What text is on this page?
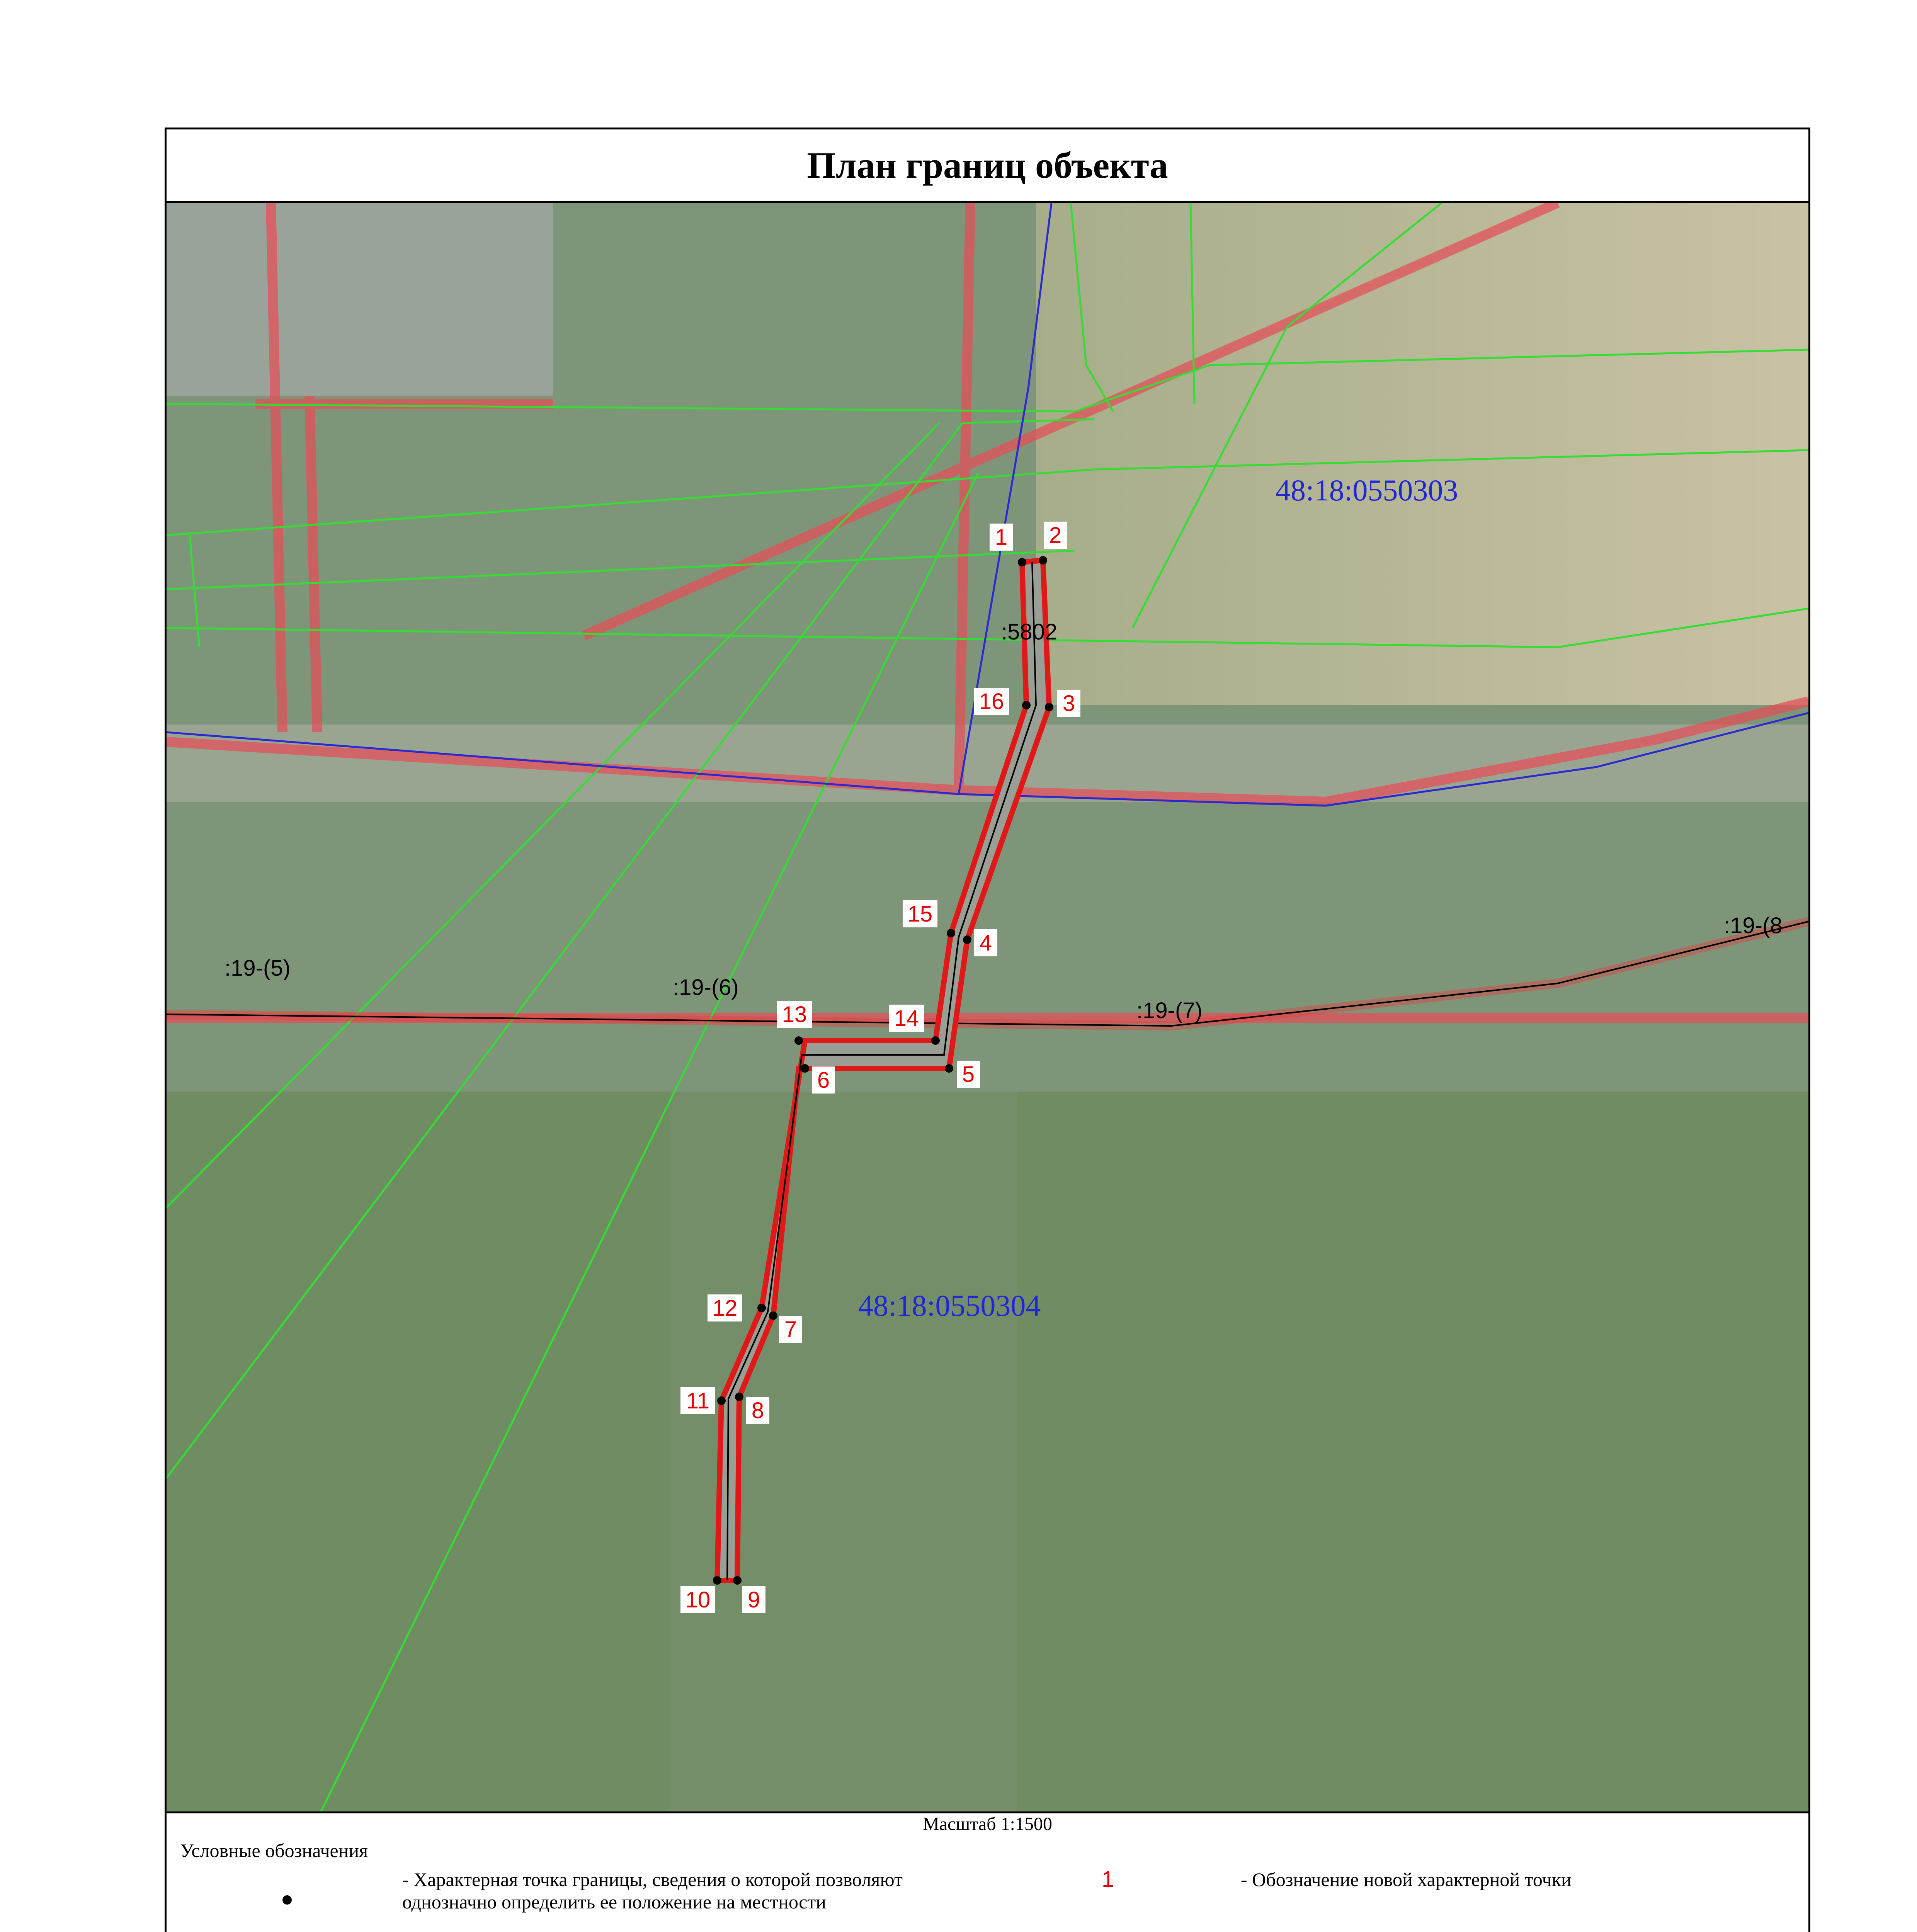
План границ объекта
1 2
3
4
5
6
7
8
9
10
11
12
13	14
15
16
48:18:0550303
48:18:0550304
:5802
:19-(5)
:19-(6)
:19-(7)
:19-(8
Масштаб 1:1500
Условные обозначения
- Характерная точка границы, сведения о которой позволяют однозначно определить ее положение на местности
1	- Обозначение новой характерной точки
